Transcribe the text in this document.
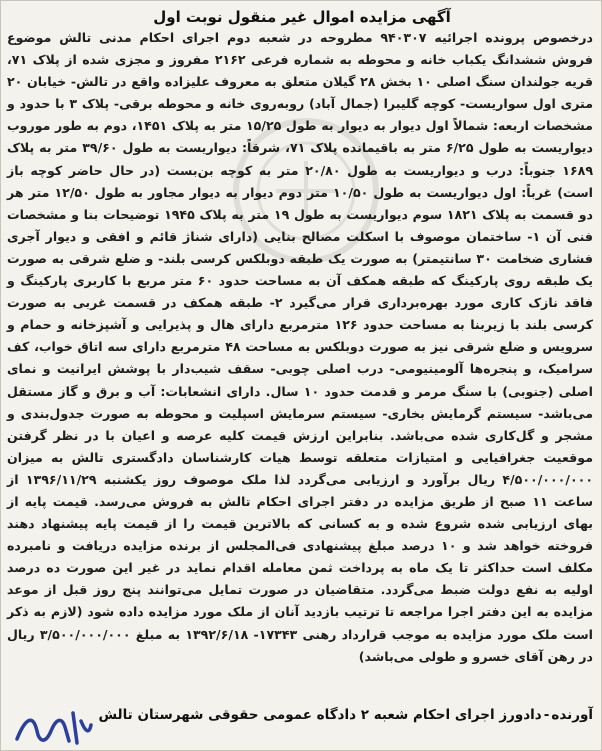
آگهی مزایده اموال غیر منقول نوبت اول
درخصوص پرونده اجرائیه ۹۴۰۳۰۷ مطروحه در شعبه دوم اجرای احکام مدنی تالش موضوع فروش ششدانگ یکباب خانه و محوطه به شماره فرعی ۲۱۶۲ مفروز و مجزی شده از پلاک ۷۱، قریه جولندان سنگ اصلی ۱۰ بخش ۲۸ گیلان متعلق به معروف علیزاده واقع در تالش- خیابان ۲۰ متری اول سواریست- کوچه گلیبرا (جمال آباد) روبه‌روی خانه و محوطه برقی- پلاک ۳ با حدود و مشخصات اربعه: شمالاً اول دیوار به دیوار به طول ۱۵/۲۵ متر به پلاک ۱۴۵۱، دوم به طور موروب دیواریست به طول ۶/۲۵ متر به باقیمانده پلاک ۷۱، شرقاً: دیواریست به طول ۳۹/۶۰ متر به پلاک ۱۶۸۹ جنوباً: درب و دیواریست به طول ۲۰/۸۰ متر به کوچه بن‌بست (در حال حاضر کوچه باز است) غرباً: اول دیواریست به طول ۱۰/۵۰ متر دوم دیوار به دیوار مجاور به طول ۱۲/۵۰ متر هر دو قسمت به پلاک ۱۸۲۱ سوم دیواریست به طول ۱۹ متر به پلاک ۱۹۴۵ توضیحات بنا و مشخصات فنی آن ۱- ساختمان موصوف با اسکلت مصالح بنایی (دارای شناژ قائم و افقی و دیوار آجری فشاری ضخامت ۳۰ سانتیمتر) به صورت یک طبقه دوبلکس کرسی بلند- و ضلع شرقی به صورت یک طبقه روی پارکینگ که طبقه همکف آن به مساحت حدود ۶۰ متر مربع با کاربری پارکینگ و فاقد نازک کاری مورد بهره‌برداری قرار می‌گیرد ۲- طبقه همکف در قسمت غربی به صورت کرسی بلند با زیربنا به مساحت حدود ۱۲۶ مترمربع دارای هال و پذیرایی و آشپزخانه و حمام و سرویس و ضلع شرقی نیز به صورت دوبلکس به مساحت ۴۸ مترمربع دارای سه اتاق خواب، کف سرامیک، و پنجره‌ها آلومینیومی- درب اصلی چوبی- سقف شیب‌دار با پوشش ایرانیت و نمای اصلی (جنوبی) با سنگ مرمر و قدمت حدود ۱۰ سال. دارای انشعابات: آب و برق و گاز مستقل می‌باشد- سیستم گرمایش بخاری- سیستم سرمایش اسپلیت و محوطه به صورت جدول‌بندی و مشجر و گل‌کاری شده می‌باشد. بنابراین ارزش قیمت کلیه عرصه و اعیان با در نظر گرفتن موقعیت جغرافیایی و امتیازات متعلقه توسط هیات کارشناسان دادگستری تالش به میزان ۴/۵۰۰/۰۰۰/۰۰۰ ریال برآورد و ارزیابی می‌گردد لذا ملک موصوف روز یکشنبه ۱۳۹۶/۱۱/۲۹ از ساعت ۱۱ صبح از طریق مزایده در دفتر اجرای احکام تالش به فروش می‌رسد. قیمت پایه از بهای ارزیابی شده شروع شده و به کسانی که بالاترین قیمت را از قیمت پایه پیشنهاد دهند فروخته خواهد شد و ۱۰ درصد مبلغ پیشنهادی فی‌المجلس از برنده مزایده دریافت و نامبرده مکلف است حداکثر تا یک ماه به پرداخت ثمن معامله اقدام نماید در غیر این صورت ده درصد اولیه به نفع دولت ضبط می‌گردد. متقاضیان در صورت تمایل می‌توانند پنج روز قبل از موعد مزایده به این دفتر اجرا مراجعه تا ترتیب بازدید آنان از ملک مورد مزایده داده شود (لازم به ذکر است ملک مورد مزایده به موجب قرارداد رهنی ۱۷۳۴۳- ۱۳۹۲/۶/۱۸ به مبلغ ۳/۵۰۰/۰۰۰/۰۰۰ ریال در رهن آقای خسرو و طولی می‌باشد)
آورنده-دادورز اجرای احکام شعبه ۲ دادگاه عمومی حقوقی شهرستان تالش
